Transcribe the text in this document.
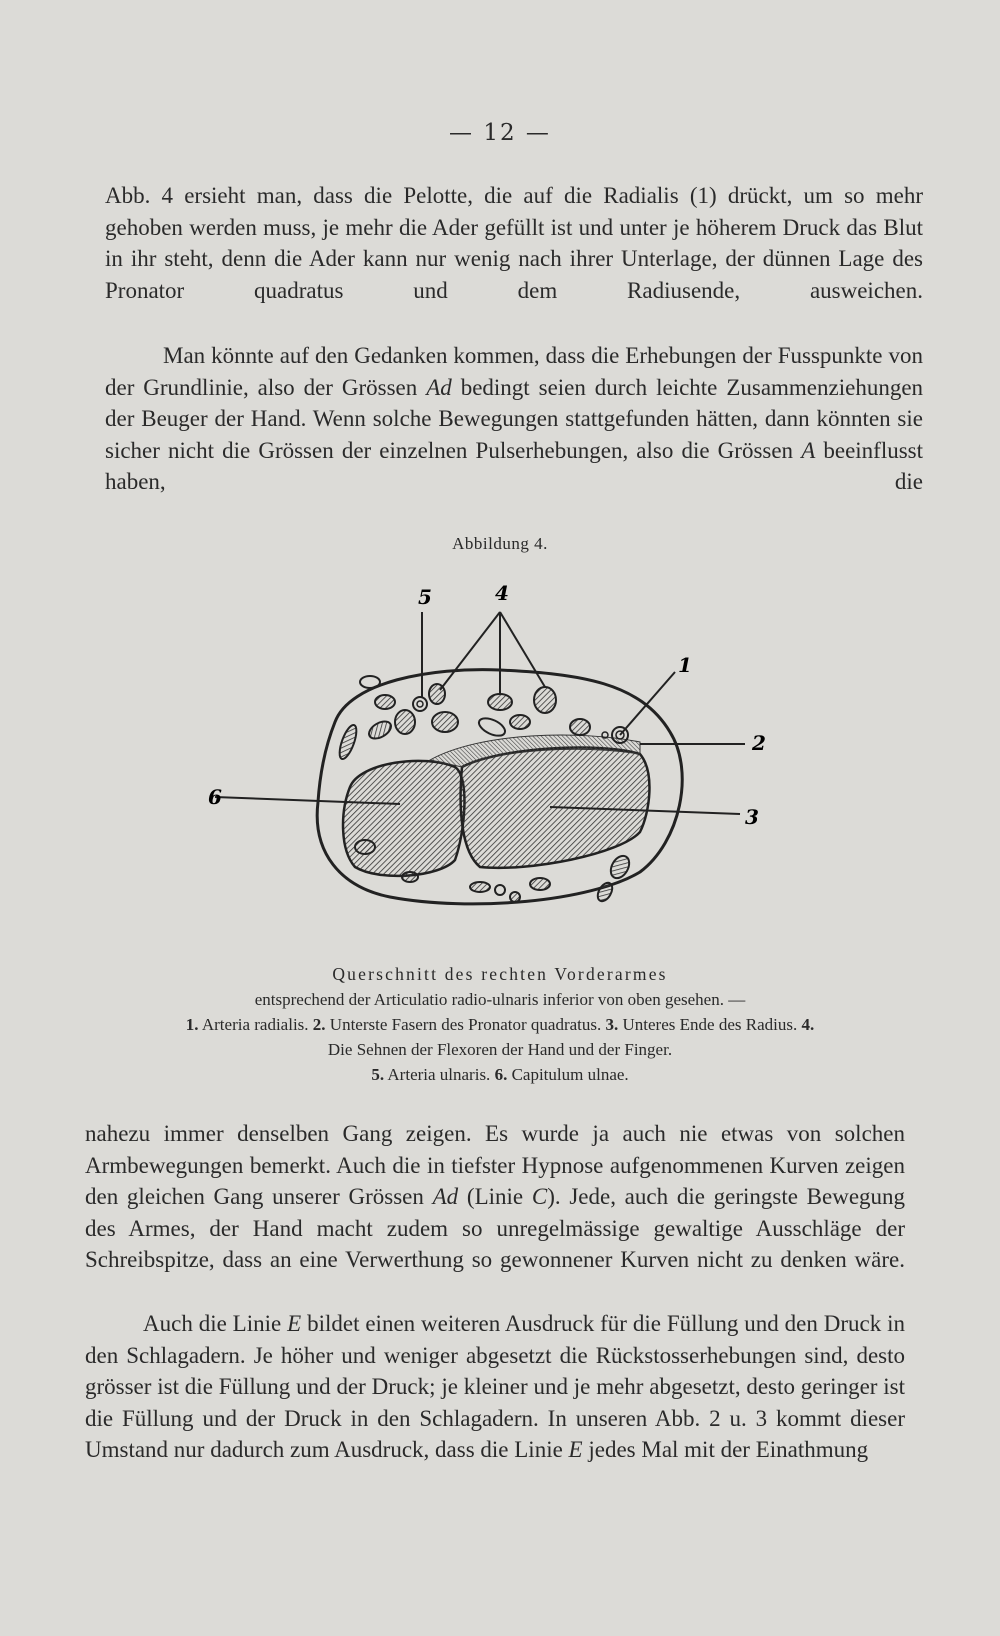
— 12 —

Abb. 4 ersieht man, dass die Pelotte, die auf die Radialis (1) drückt, um so mehr gehoben werden muss, je mehr die Ader gefüllt ist und unter je höherem Druck das Blut in ihr steht, denn die Ader kann nur wenig nach ihrer Unterlage, der dünnen Lage des Pronator quadratus und dem Radiusende, ausweichen.

Man könnte auf den Gedanken kommen, dass die Erhebungen der Fusspunkte von der Grundlinie, also der Grössen Ad bedingt seien durch leichte Zusammenziehungen der Beuger der Hand. Wenn solche Bewegungen stattgefunden hätten, dann könnten sie sicher nicht die Grössen der einzelnen Pulserhebungen, also die Grössen A beeinflusst haben, die

Abbildung 4.
5	4
1
2
6
3
Querschnitt des rechten Vorderarmes
entsprechend der Articulatio radio-ulnaris inferior von oben gesehen. —
1. Arteria radialis. 2. Unterste Fasern des Pronator quadratus. 3. Unteres Ende des Radius. 4. Die Sehnen der Flexoren der Hand und der Finger.
5. Arteria ulnaris. 6. Capitulum ulnae.

nahezu immer denselben Gang zeigen. Es wurde ja auch nie etwas von solchen Armbewegungen bemerkt. Auch die in tiefster Hypnose aufgenommenen Kurven zeigen den gleichen Gang unserer Grössen Ad (Linie C). Jede, auch die geringste Bewegung des Armes, der Hand macht zudem so unregelmässige gewaltige Ausschläge der Schreibspitze, dass an eine Verwerthung so gewonnener Kurven nicht zu denken wäre.

Auch die Linie E bildet einen weiteren Ausdruck für die Füllung und den Druck in den Schlagadern. Je höher und weniger abgesetzt die Rückstosserhebungen sind, desto grösser ist die Füllung und der Druck; je kleiner und je mehr abgesetzt, desto geringer ist die Füllung und der Druck in den Schlagadern. In unseren Abb. 2 u. 3 kommt dieser Umstand nur dadurch zum Ausdruck, dass die Linie E jedes Mal mit der Einathmung
